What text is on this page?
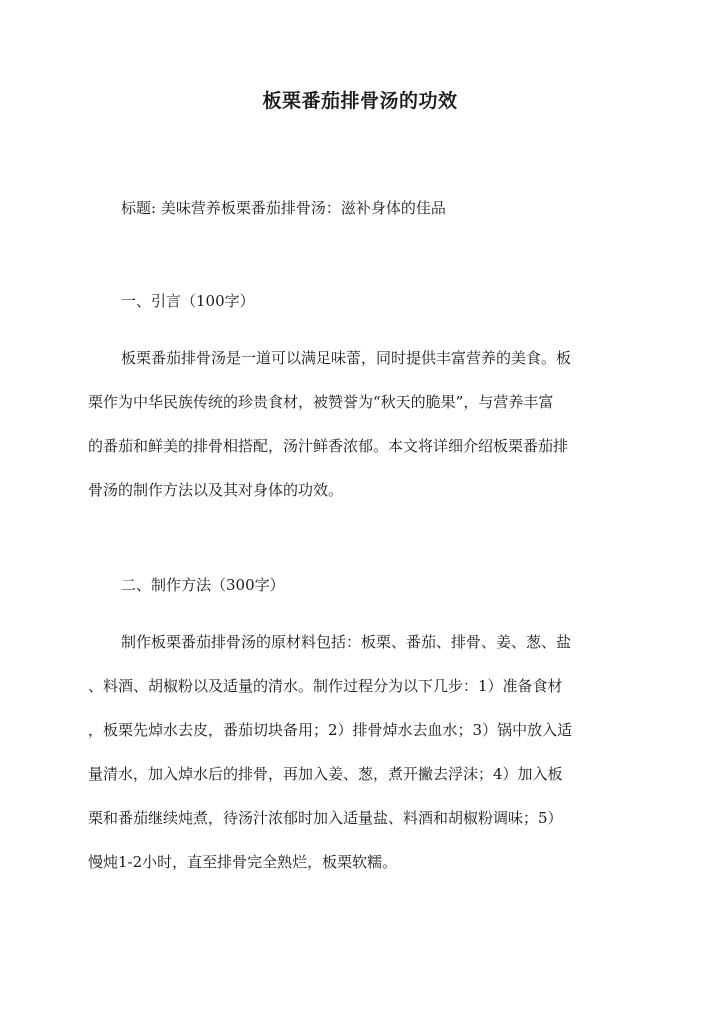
板栗番茄排骨汤的功效
标题: 美味营养板栗番茄排骨汤：滋补身体的佳品
一、引言（100字）
板栗番茄排骨汤是一道可以满足味蕾，同时提供丰富营养的美食。板
栗作为中华民族传统的珍贵食材，被赞誉为“秋天的脆果”，与营养丰富
的番茄和鲜美的排骨相搭配，汤汁鲜香浓郁。本文将详细介绍板栗番茄排
骨汤的制作方法以及其对身体的功效。
二、制作方法（300字）
制作板栗番茄排骨汤的原材料包括：板栗、番茄、排骨、姜、葱、盐
、料酒、胡椒粉以及适量的清水。制作过程分为以下几步：1）准备食材
，板栗先焯水去皮，番茄切块备用；2）排骨焯水去血水；3）锅中放入适
量清水，加入焯水后的排骨，再加入姜、葱，煮开撇去浮沫；4）加入板
栗和番茄继续炖煮，待汤汁浓郁时加入适量盐、料酒和胡椒粉调味；5）
慢炖1-2小时，直至排骨完全熟烂，板栗软糯。
